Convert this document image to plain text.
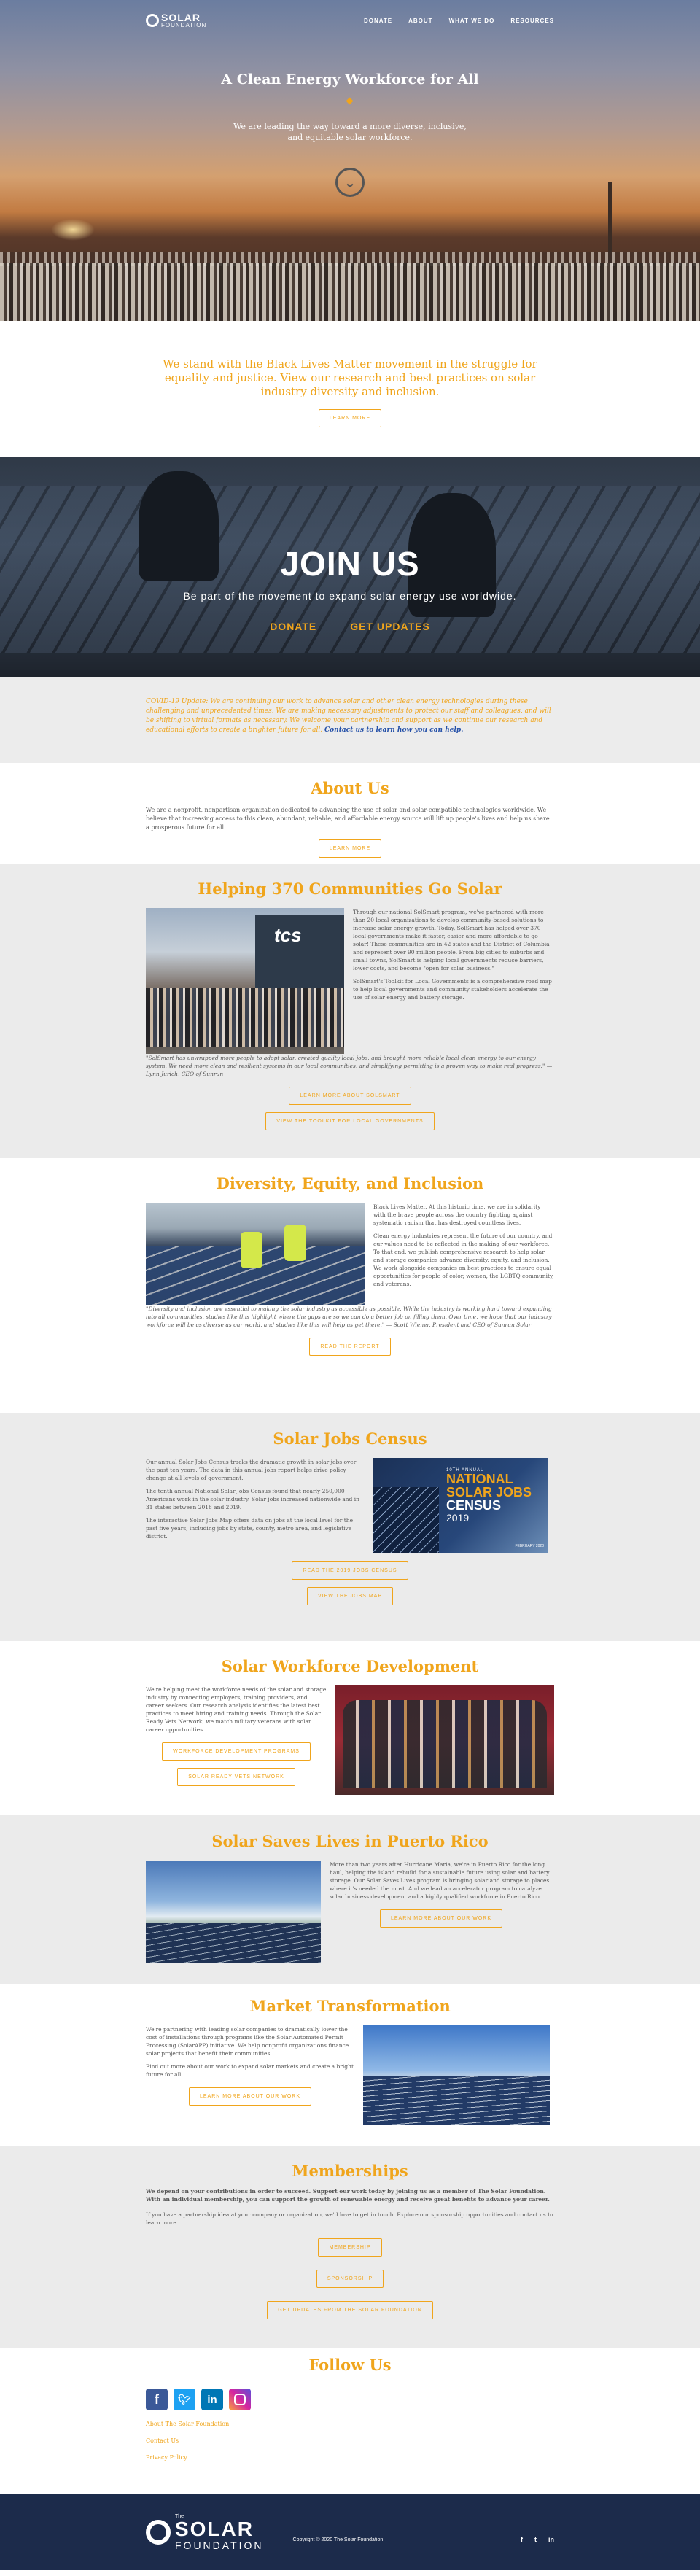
SOLAR
FOUNDATION
DONATE	ABOUT	WHAT WE DO	RESOURCES
A Clean Energy Workforce for All

We are leading the way toward a more diverse, inclusive, and equitable solar workforce.

⌄

We stand with the Black Lives Matter movement in the struggle for equality and justice. View our research and best practices on solar industry diversity and inclusion.

LEARN MORE
JOIN US

Be part of the movement to expand solar energy use worldwide.

DONATE	GET UPDATES

COVID-19 Update: We are continuing our work to advance solar and other clean energy technologies during these challenging and unprecedented times. We are making necessary adjustments to protect our staff and colleagues, and will be shifting to virtual formats as necessary. We welcome your partnership and support as we continue our research and educational efforts to create a brighter future for all. Contact us to learn how you can help.

About Us

We are a nonprofit, nonpartisan organization dedicated to advancing the use of solar and solar-compatible technologies worldwide. We believe that increasing access to this clean, abundant, reliable, and affordable energy source will lift up people's lives and help us share a prosperous future for all.

LEARN MORE
Helping 370 Communities Go Solar
tcs

Through our national SolSmart program, we've partnered with more than 20 local organizations to develop community-based solutions to increase solar energy growth. Today, SolSmart has helped over 370 local governments make it faster, easier and more affordable to go solar! These communities are in 42 states and the District of Columbia and represent over 90 million people. From big cities to suburbs and small towns, SolSmart is helping local governments reduce barriers, lower costs, and become "open for solar business."

SolSmart's Toolkit for Local Governments is a comprehensive road map to help local governments and community stakeholders accelerate the use of solar energy and battery storage.

"SolSmart has unwrapped more people to adopt solar, created quality local jobs, and brought more reliable local clean energy to our energy system. We need more clean and resilient systems in our local communities, and simplifying permitting is a proven way to make real progress." — Lynn Jurich, CEO of Sunrun

LEARN MORE ABOUT SOLSMART
VIEW THE TOOLKIT FOR LOCAL GOVERNMENTS
Diversity, Equity, and Inclusion

Black Lives Matter. At this historic time, we are in solidarity with the brave people across the country fighting against systematic racism that has destroyed countless lives.

Clean energy industries represent the future of our country, and our values need to be reflected in the making of our workforce. To that end, we publish comprehensive research to help solar and storage companies advance diversity, equity, and inclusion. We work alongside companies on best practices to ensure equal opportunities for people of color, women, the LGBTQ community, and veterans.

"Diversity and inclusion are essential to making the solar industry as accessible as possible. While the industry is working hard toward expanding into all communities, studies like this highlight where the gaps are so we can do a better job on filling them. Over time, we hope that our industry workforce will be as diverse as our world, and studies like this will help us get there." — Scott Wiener, President and CEO of Sunrun Solar

READ THE REPORT
Solar Jobs Census

Our annual Solar Jobs Census tracks the dramatic growth in solar jobs over the past ten years. The data in this annual jobs report helps drive policy change at all levels of government.

The tenth annual National Solar Jobs Census found that nearly 250,000 Americans work in the solar industry. Solar jobs increased nationwide and in 31 states between 2018 and 2019.

The interactive Solar Jobs Map offers data on jobs at the local level for the past five years, including jobs by state, county, metro area, and legislative district.

10TH ANNUAL
NATIONAL
SOLAR JOBS
CENSUS
2019
FEBRUARY 2020
READ THE 2019 JOBS CENSUS
VIEW THE JOBS MAP
Solar Workforce Development

We're helping meet the workforce needs of the solar and storage industry by connecting employers, training providers, and career seekers. Our research analysis identifies the latest best practices to meet hiring and training needs. Through the Solar Ready Vets Network, we match military veterans with solar career opportunities.

WORKFORCE DEVELOPMENT PROGRAMS
SOLAR READY VETS NETWORK
Solar Saves Lives in Puerto Rico

More than two years after Hurricane Maria, we're in Puerto Rico for the long haul, helping the island rebuild for a sustainable future using solar and battery storage. Our Solar Saves Lives program is bringing solar and storage to places where it's needed the most. And we lead an accelerator program to catalyze solar business development and a highly qualified workforce in Puerto Rico.

LEARN MORE ABOUT OUR WORK
Market Transformation

We're partnering with leading solar companies to dramatically lower the cost of installations through programs like the Solar Automated Permit Processing (SolarAPP) initiative. We help nonprofit organizations finance solar projects that benefit their communities.

Find out more about our work to expand solar markets and create a bright future for all.

LEARN MORE ABOUT OUR WORK
Memberships

We depend on your contributions in order to succeed. Support our work today by joining us as a member of The Solar Foundation. With an individual membership, you can support the growth of renewable energy and receive great benefits to advance your career.

If you have a partnership idea at your company or organization, we'd love to get in touch. Explore our sponsorship opportunities and contact us to learn more.

MEMBERSHIP
SPONSORSHIP
GET UPDATES FROM THE SOLAR FOUNDATION
Follow Us
f	🐦︎	in
About The Solar Foundation
Contact Us
Privacy Policy
The
SOLAR
FOUNDATION	Copyright © 2020 The Solar Foundation	f t in
